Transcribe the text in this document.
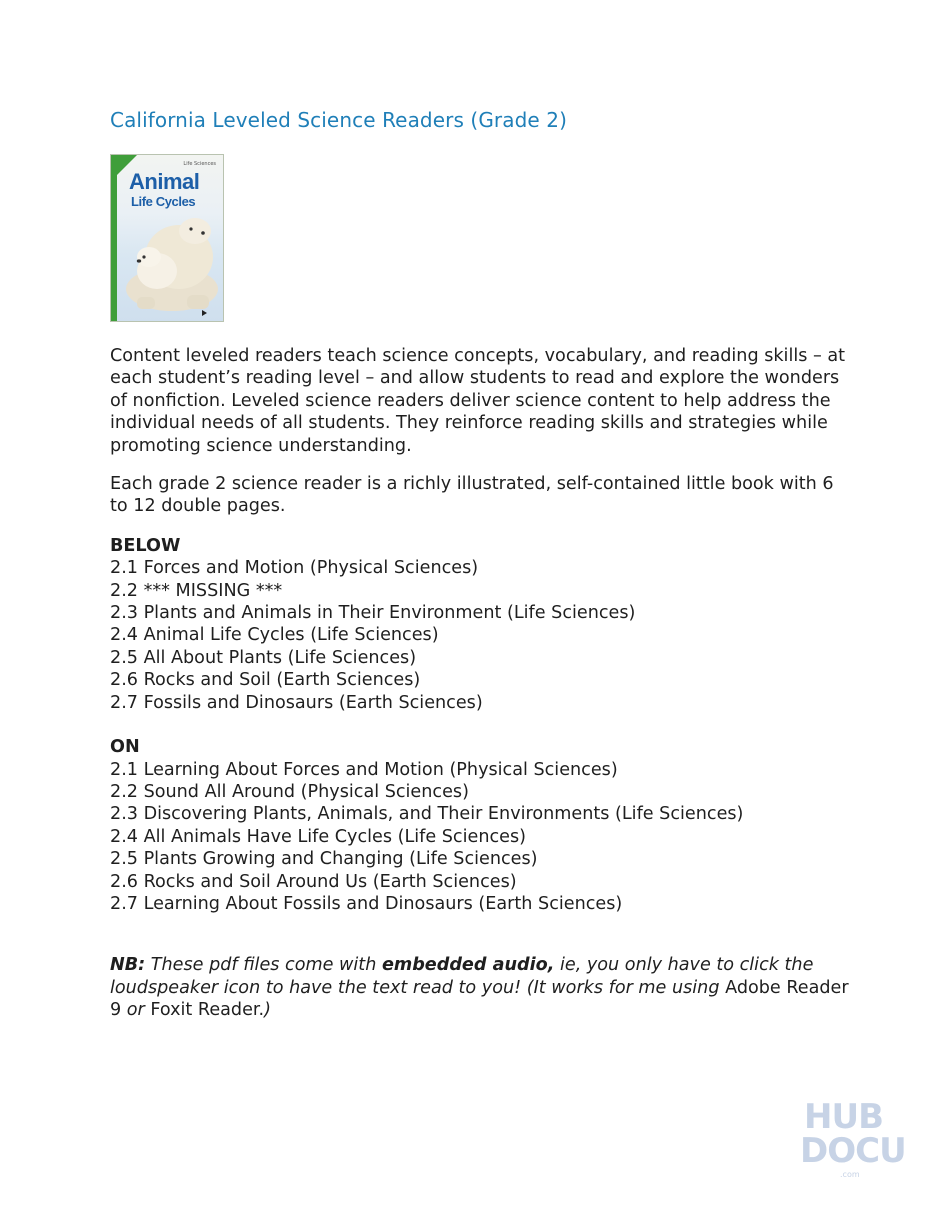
California Leveled Science Readers (Grade 2)
Life Sciences
Animal
Life Cycles

Content leveled readers teach science concepts, vocabulary, and reading skills – at each student’s reading level – and allow students to read and explore the wonders of nonfiction. Leveled science readers deliver science content to help address the individual needs of all students. They reinforce reading skills and strategies while promoting science understanding.

Each grade 2 science reader is a richly illustrated, self-contained little book with 6 to 12 double pages.

BELOW
2.1 Forces and Motion (Physical Sciences)
2.2 *** MISSING ***
2.3 Plants and Animals in Their Environment (Life Sciences)
2.4 Animal Life Cycles (Life Sciences)
2.5 All About Plants (Life Sciences)
2.6 Rocks and Soil (Earth Sciences)
2.7 Fossils and Dinosaurs (Earth Sciences)
ON
2.1 Learning About Forces and Motion (Physical Sciences)
2.2 Sound All Around (Physical Sciences)
2.3 Discovering Plants, Animals, and Their Environments (Life Sciences)
2.4 All Animals Have Life Cycles (Life Sciences)
2.5 Plants Growing and Changing (Life Sciences)
2.6 Rocks and Soil Around Us (Earth Sciences)
2.7 Learning About Fossils and Dinosaurs (Earth Sciences)

NB: These pdf files come with embedded audio, ie, you only have to click the loudspeaker icon to have the text read to you! (It works for me using Adobe Reader 9 or Foxit Reader.)

HUB
DOCU
.com
